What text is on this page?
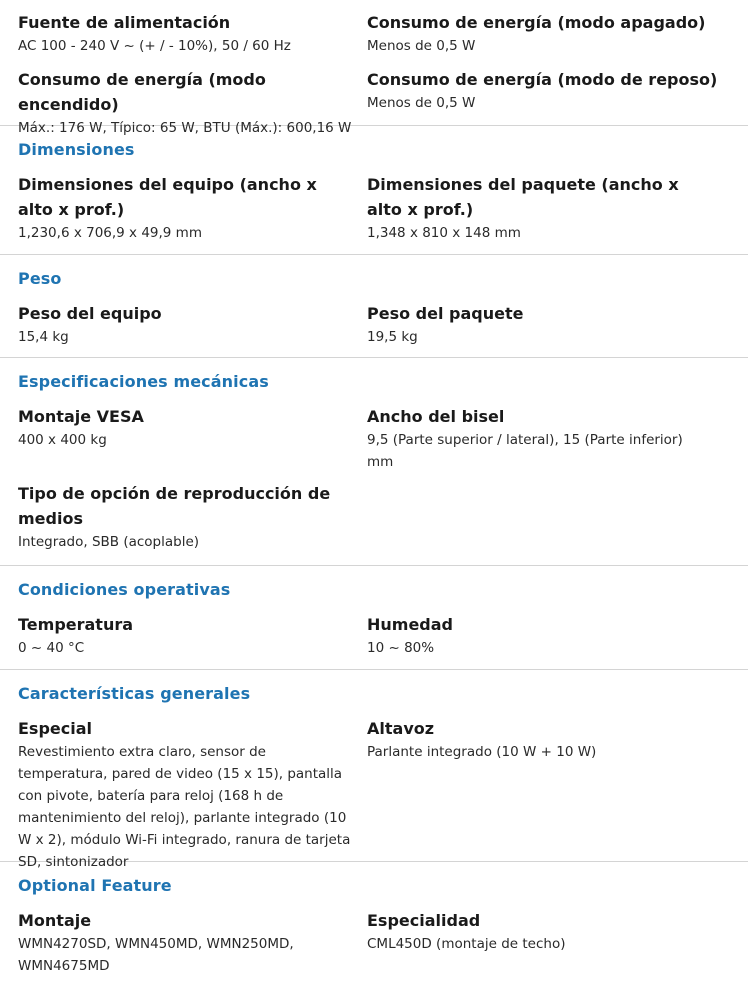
Fuente de alimentación

AC 100 - 240 V ~ (+ / - 10%), 50 / 60 Hz

Consumo de energía (modo apagado)

Menos de 0,5 W

Consumo de energía (modo encendido)

Máx.: 176 W, Típico: 65 W, BTU (Máx.): 600,16 W

Consumo de energía (modo de reposo)

Menos de 0,5 W

Dimensiones

Dimensiones del equipo (ancho x alto x prof.)

1,230,6 x 706,9 x 49,9 mm

Dimensiones del paquete (ancho x alto x prof.)

1,348 x 810 x 148 mm

Peso

Peso del equipo

15,4 kg

Peso del paquete

19,5 kg

Especificaciones mecánicas

Montaje VESA

400 x 400 kg

Ancho del bisel

9,5 (Parte superior / lateral), 15 (Parte inferior) mm

Tipo de opción de reproducción de medios

Integrado, SBB (acoplable)

Condiciones operativas

Temperatura

0 ~ 40 °C

Humedad

10 ~ 80%

Características generales

Especial

Revestimiento extra claro, sensor de temperatura, pared de video (15 x 15), pantalla con pivote, batería para reloj (168 h de mantenimiento del reloj), parlante integrado (10 W x 2), módulo Wi-Fi integrado, ranura de tarjeta SD, sintonizador

Altavoz

Parlante integrado (10 W + 10 W)

Optional Feature

Montaje

WMN4270SD, WMN450MD, WMN250MD, WMN4675MD

Especialidad

CML450D (montaje de techo)
